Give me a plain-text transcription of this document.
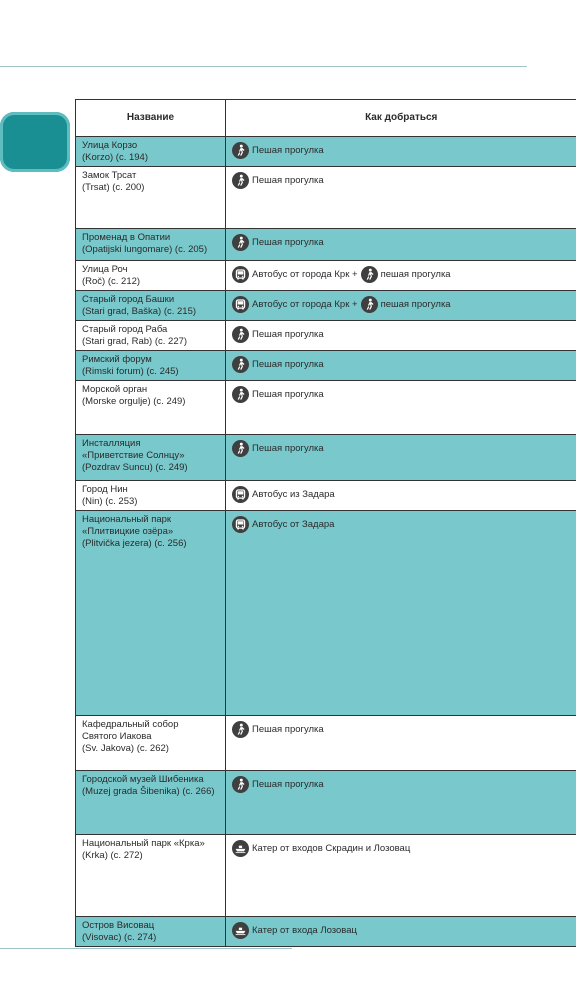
Название	Как добраться

Улица Корзо
(Korzo) (с. 194)	Пешая прогулка

Замок Трсат
(Trsat) (с. 200)	Пешая прогулка

Променад в Опатии
(Opatijski lungomare) (с. 205)	Пешая прогулка

Улица Роч
(Roč) (с. 212)	Автобус от города Крк + пешая прогулка

Старый город Башки
(Stari grad, Baška) (с. 215)	Автобус от города Крк + пешая прогулка

Старый город Раба
(Stari grad, Rab) (с. 227)	Пешая прогулка

Римский форум
(Rimski forum) (с. 245)	Пешая прогулка

Морской орган
(Morske orgulje) (с. 249)	Пешая прогулка

Инсталляция
«Приветствие Солнцу»
(Pozdrav Suncu) (с. 249)	Пешая прогулка

Город Нин
(Nin) (с. 253)	Автобус из Задара

Национальный парк
«Плитвицкие озёра»
(Plitvička jezera) (с. 256)	Автобус от Задара

Кафедральный собор
Святого Иакова
(Sv. Jakova) (с. 262)	Пешая прогулка

Городской музей Шибеника
(Muzej grada Šibenika) (с. 266)	Пешая прогулка

Национальный парк «Крка»
(Krka) (с. 272)	Катер от входов Скрадин и Лозовац

Остров Висовац
(Visovac) (с. 274)	Катер от входа Лозовац
